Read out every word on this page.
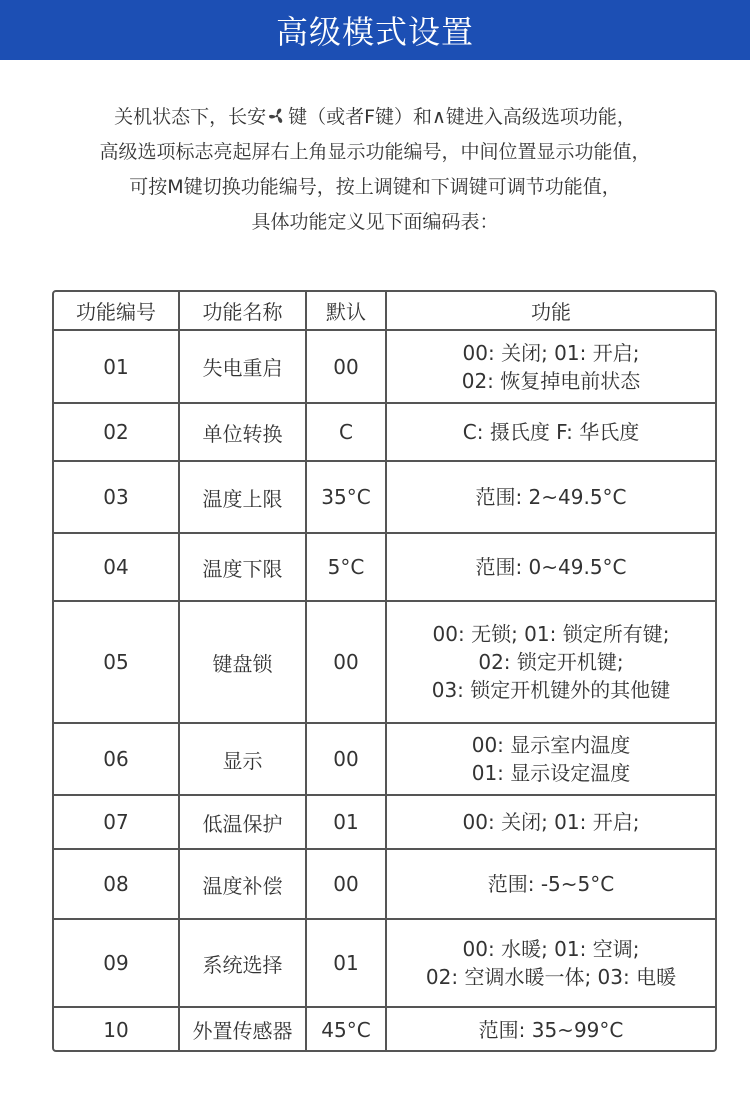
高级模式设置
关机状态下，长安 键（或者F键）和∧键进入高级选项功能，
高级选项标志亮起屏右上角显示功能编号，中间位置显示功能值，
可按M键切换功能编号，按上调键和下调键可调节功能值，
具体功能定义见下面编码表：
功能编号	功能名称	默认	功能
01	失电重启	00	00: 关闭; 01: 开启;
02: 恢复掉电前状态

02	单位转换	C	C: 摄氏度 F: 华氏度

03	温度上限	35°C	范围: 2~49.5°C

04	温度下限	5°C	范围: 0~49.5°C

05	键盘锁	00	00: 无锁; 01: 锁定所有键;
02: 锁定开机键;
03: 锁定开机键外的其他键

06	显示	00	00: 显示室内温度
01: 显示设定温度

07	低温保护	01	00: 关闭; 01: 开启;

08	温度补偿	00	范围: -5~5°C

09	系统选择	01	00: 水暖; 01: 空调;
02: 空调水暖一体; 03: 电暖

10	外置传感器	45°C	范围: 35~99°C
